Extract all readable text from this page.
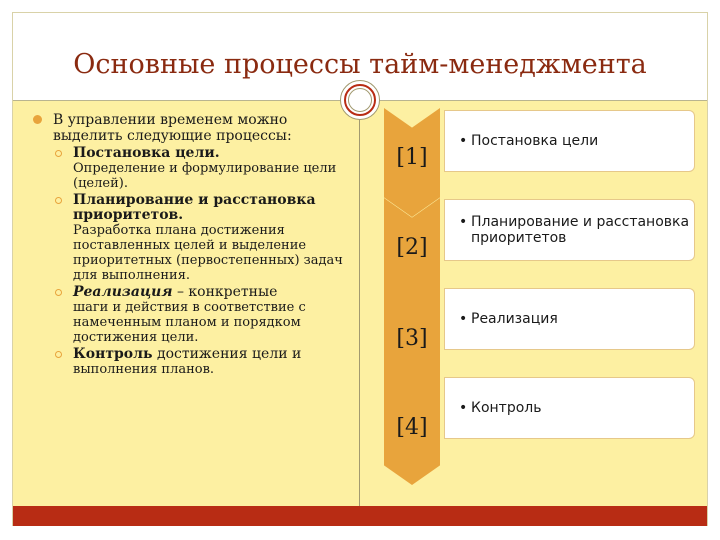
Основные процессы тайм-менеджмента
В управлении временем можно выделить следующие процессы:
Постановка цели.
Определение и формулирование цели (целей).
Планирование и расстановка приоритетов.
Разработка плана достижения поставленных целей и выделение приоритетных (первостепенных) задач для выполнения.
Реализация – конкретные
шаги и действия в соответствие с намеченным планом и порядком достижения цели.
Контроль достижения цели и
выполнения планов.
[1]
[2]
[3]
[4]
• Постановка цели
• Планирование и расстановка приоритетов
• Реализация
• Контроль
